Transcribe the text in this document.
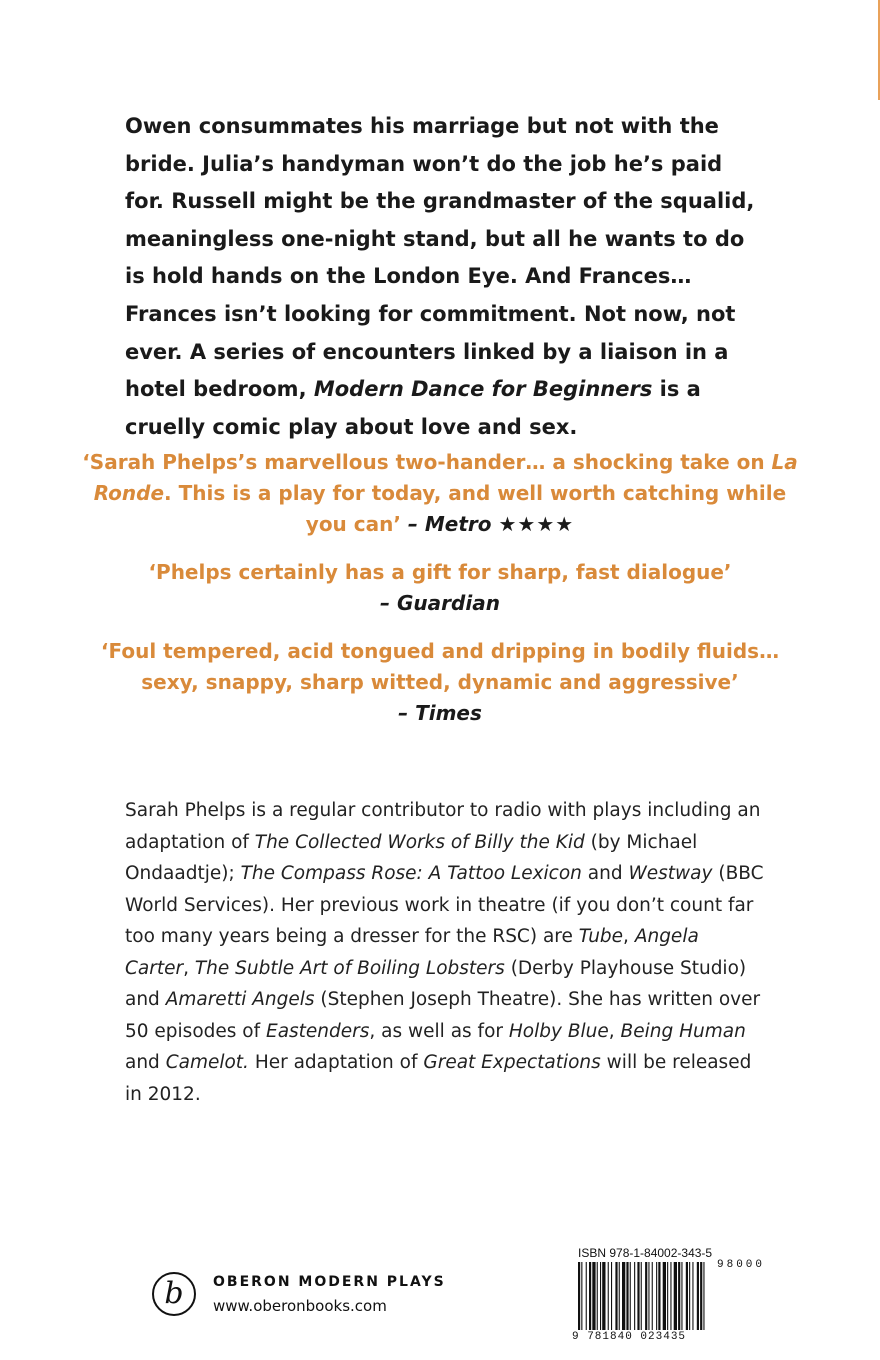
Owen consummates his marriage but not with the bride. Julia’s handyman won’t do the job he’s paid for. Russell might be the grandmaster of the squalid, meaningless one-night stand, but all he wants to do is hold hands on the London Eye. And Frances… Frances isn’t looking for commitment. Not now, not ever. A series of encounters linked by a liaison in a hotel bedroom, Modern Dance for Beginners is a cruelly comic play about love and sex.

‘Sarah Phelps’s marvellous two-hander… a shocking take on La Ronde. This is a play for today, and well worth catching while you can’ – Metro ★★★★

‘Phelps certainly has a gift for sharp, fast dialogue’
– Guardian

‘Foul tempered, acid tongued and dripping in bodily fluids… sexy, snappy, sharp witted, dynamic and aggressive’
– Times

Sarah Phelps is a regular contributor to radio with plays including an adaptation of The Collected Works of Billy the Kid (by Michael Ondaadtje); The Compass Rose: A Tattoo Lexicon and Westway (BBC World Services). Her previous work in theatre (if you don’t count far too many years being a dresser for the RSC) are Tube, Angela Carter, The Subtle Art of Boiling Lobsters (Derby Playhouse Studio) and Amaretti Angels (Stephen Joseph Theatre). She has written over 50 episodes of Eastenders, as well as for Holby Blue, Being Human and Camelot. Her adaptation of Great Expectations will be released in 2012.

b	OBERON MODERN PLAYS
www.oberonbooks.com
ISBN 978-1-84002-343-5
98000
9 781840 023435
